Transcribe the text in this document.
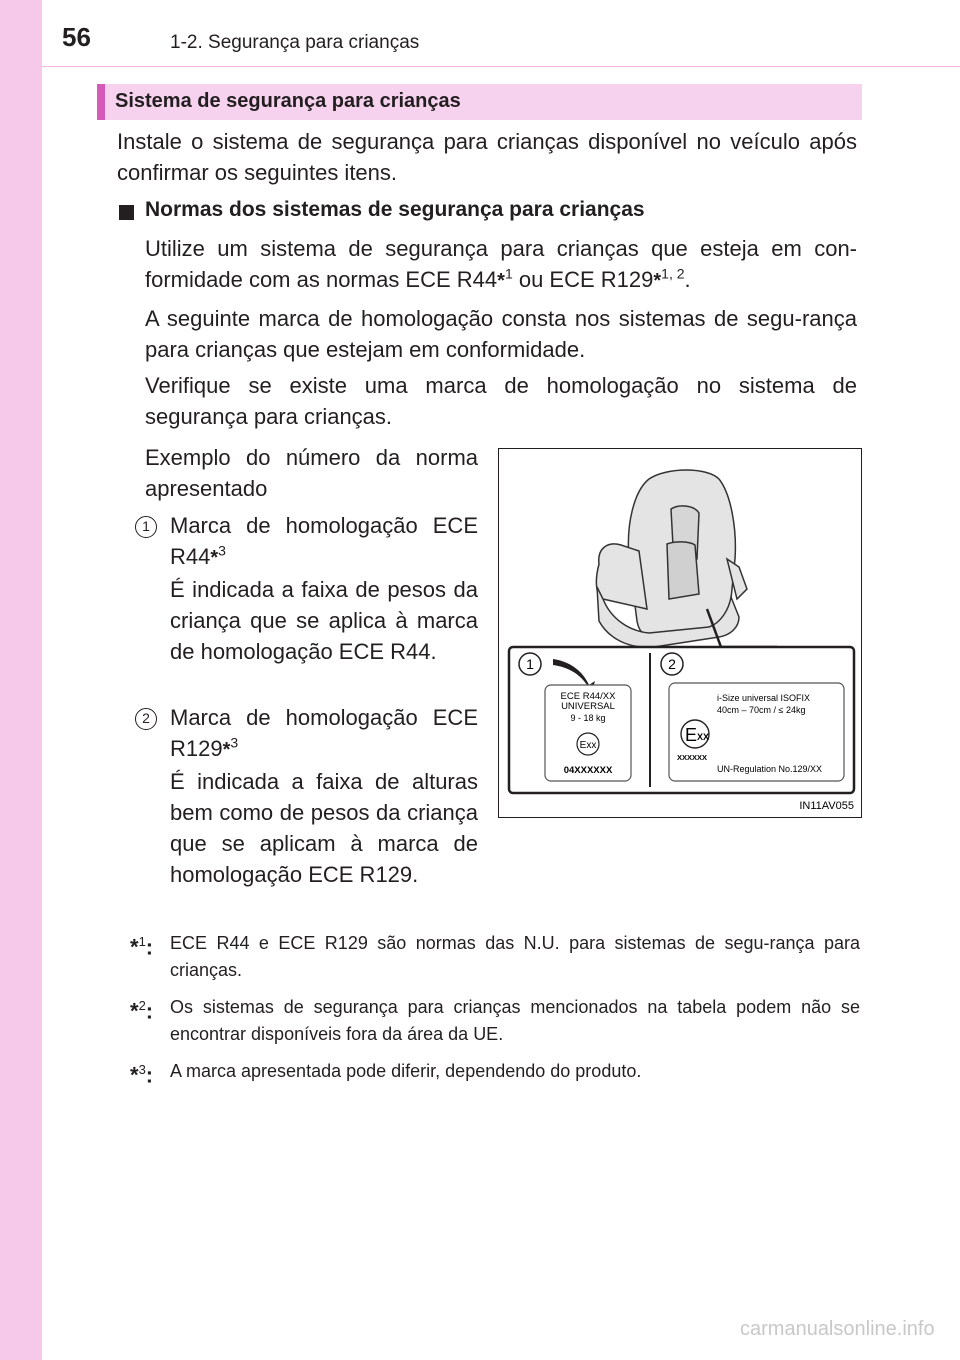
56	1-2. Segurança para crianças
Sistema de segurança para crianças
Instale o sistema de segurança para crianças disponível no veículo após confirmar os seguintes itens.
Normas dos sistemas de segurança para crianças
Utilize um sistema de segurança para crianças que esteja em con-formidade com as normas ECE R44*$^1$ ou ECE R129*$^{1, 2}$.
A seguinte marca de homologação consta nos sistemas de segu-rança para crianças que estejam em conformidade.
Verifique se existe uma marca de homologação no sistema de segurança para crianças.
Exemplo do número da norma apresentado
1 Marca de homologação ECE R44*$^3$
É indicada a faixa de pesos da criança que se aplica à marca de homologação ECE R44.
2 Marca de homologação ECE R129*$^3$
É indicada a faixa de alturas bem como de pesos da criança que se aplicam à marca de homologação ECE R129.
1	2
ECE R44/XX
UNIVERSAL
9 - 18 kg
Exx
04XXXXXX
i-Size universal ISOFIX
40cm – 70cm / ≤ 24kg
E XX
XXXXXX
UN-Regulation No.129/XX
IN11AV055
*$^1$: ECE R44 e ECE R129 são normas das N.U. para sistemas de segu-rança para crianças.
*$^2$: Os sistemas de segurança para crianças mencionados na tabela podem não se encontrar disponíveis fora da área da UE.
*$^3$: A marca apresentada pode diferir, dependendo do produto.
carmanualsonline.info
